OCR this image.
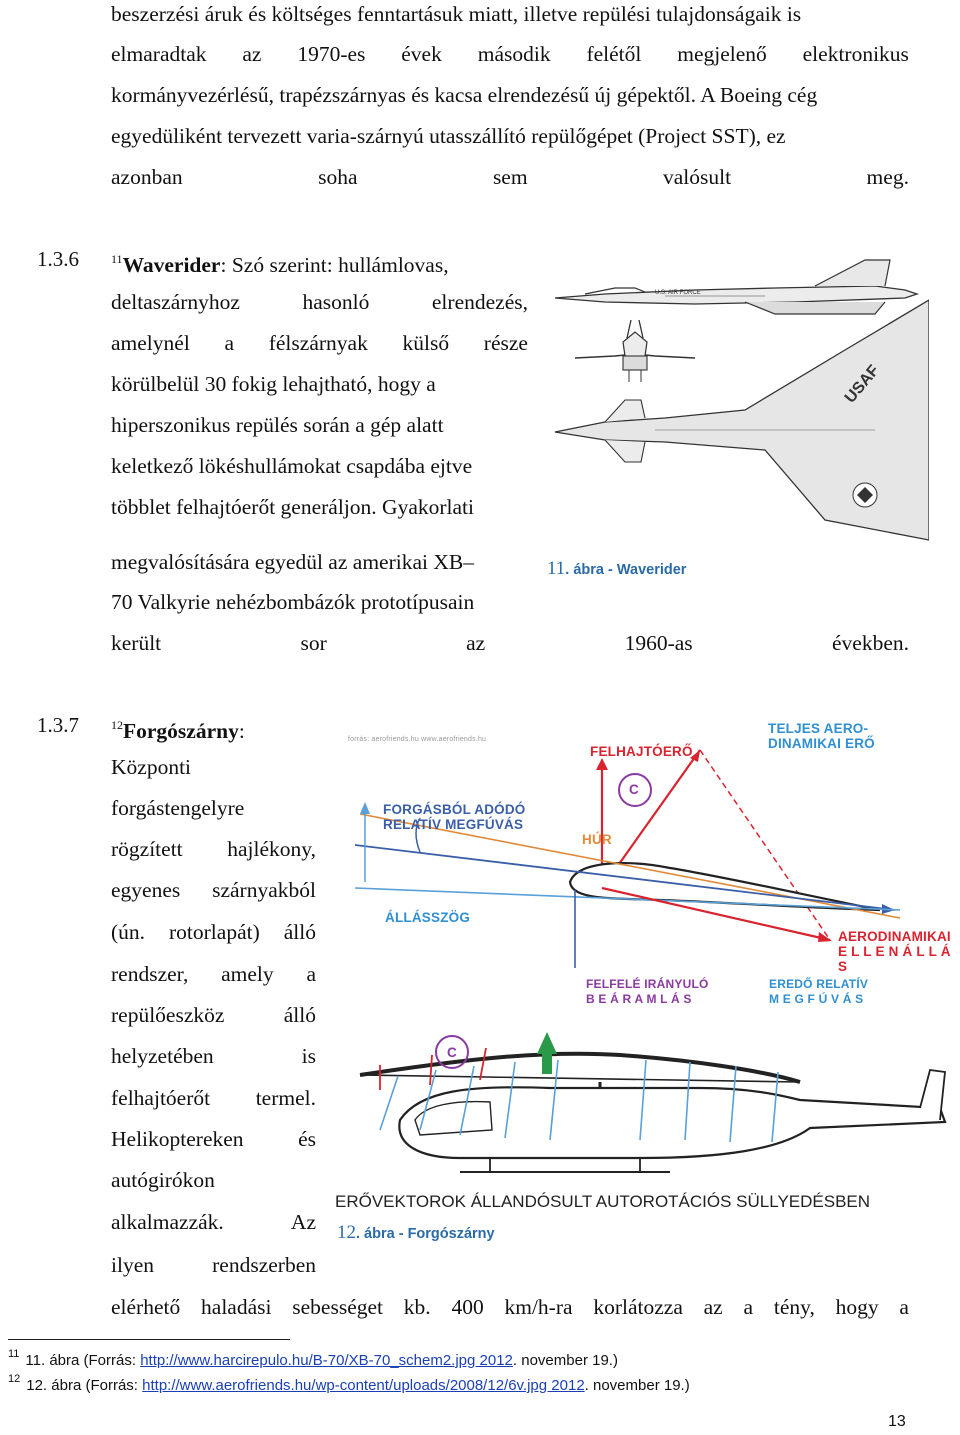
beszerzési áruk és költséges fenntartásuk miatt, illetve repülési tulajdonságaik is
elmaradtak az 1970-es évek második felétől megjelenő elektronikus
kormányvezérlésű, trapézszárnyas és kacsa elrendezésű új gépektől. A Boeing cég
egyedüliként tervezett varia-szárnyú utasszállító repülőgépet (Project SST), ez
azonban	soha	sem	valósult	meg.
1.3.6	$^{11}$Waverider: Szó szerint: hullámlovas,
deltaszárnyhoz	hasonló	elrendezés,
amelynél a félszárnyak külső része
körülbelül 30 fokig lehajtható, hogy a
hiperszonikus repülés során a gép alatt
keletkező lökéshullámokat csapdába ejtve
többlet felhajtóerőt generáljon. Gyakorlati
megvalósítására egyedül az amerikai XB–
70 Valkyrie nehézbombázók prototípusain
került	sor	az	1960-as	években.
U.S. AIR FORCE
USAF
11. ábra - Waverider
1.3.7	$^{12}$Forgószárny:
Központi
forgástengelyre
rögzített hajlékony,
egyenes szárnyakból
(ún. rotorlapát) álló
rendszer, amely a
repülőeszköz	álló
helyzetében	is
felhajtóerőt termel.
Helikoptereken	és
autógirókon
alkalmazzák.	Az
ilyen	rendszerben
elérhető haladási sebességet kb. 400 km/h-ra korlátozza az a tény, hogy a
forrás: aerofriends.hu www.aerofriends.hu
TELJES AERO-
DINAMIKAI ERŐ
FELHAJTÓERŐ
C
FORGÁSBÓL ADÓDÓ
RELATÍV MEGFÚVÁS
HÚR
ÁLLÁSSZÖG
AERODINAMIKAI
E L L E N Á L L Á S
FELFELÉ IRÁNYULÓ
B E Á R A M L Á S
EREDŐ RELATÍV
M E G F Ú V Á S
C
ERŐVEKTOROK ÁLLANDÓSULT AUTOROTÁCIÓS SÜLLYEDÉSBEN
12. ábra - Forgószárny
$^{11}$ 11. ábra (Forrás: http://www.harcirepulo.hu/B-70/XB-70_schem2.jpg 2012. november 19.)
$^{12}$ 12. ábra (Forrás: http://www.aerofriends.hu/wp-content/uploads/2008/12/6v.jpg 2012. november 19.)
13
